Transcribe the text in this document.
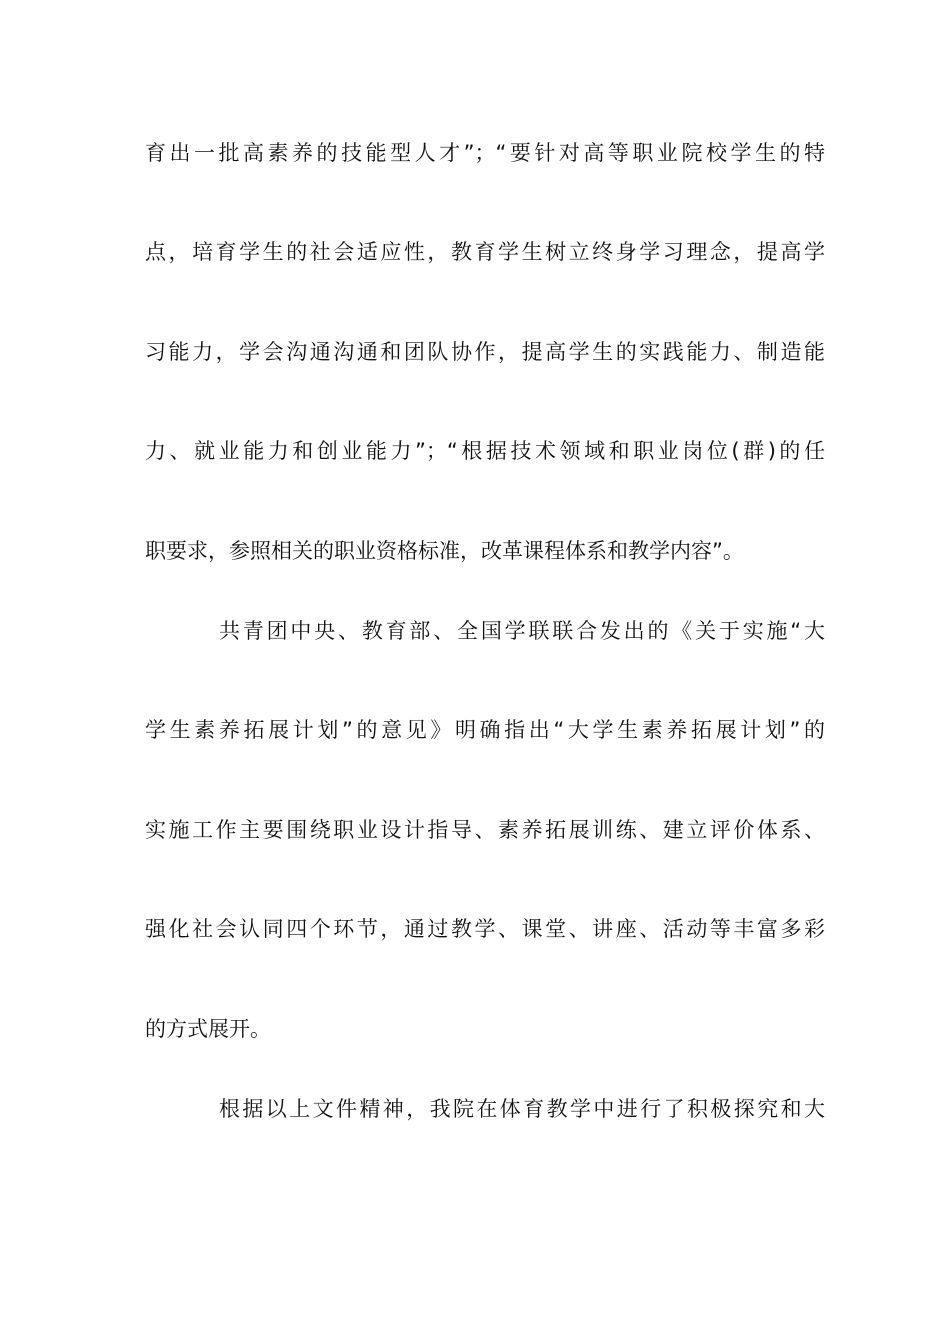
育出一批高素养的技能型人才”；“要针对高等职业院校学生的特
点，培育学生的社会适应性，教育学生树立终身学习理念，提高学
习能力，学会沟通沟通和团队协作，提高学生的实践能力、制造能
力、就业能力和创业能力”；“根据技术领域和职业岗位(群)的任
职要求，参照相关的职业资格标准，改革课程体系和教学内容”。
共青团中央、教育部、全国学联联合发出的《关于实施“大
学生素养拓展计划”的意见》明确指出“大学生素养拓展计划”的
实施工作主要围绕职业设计指导、素养拓展训练、建立评价体系、
强化社会认同四个环节，通过教学、课堂、讲座、活动等丰富多彩
的方式展开。
根据以上文件精神，我院在体育教学中进行了积极探究和大
